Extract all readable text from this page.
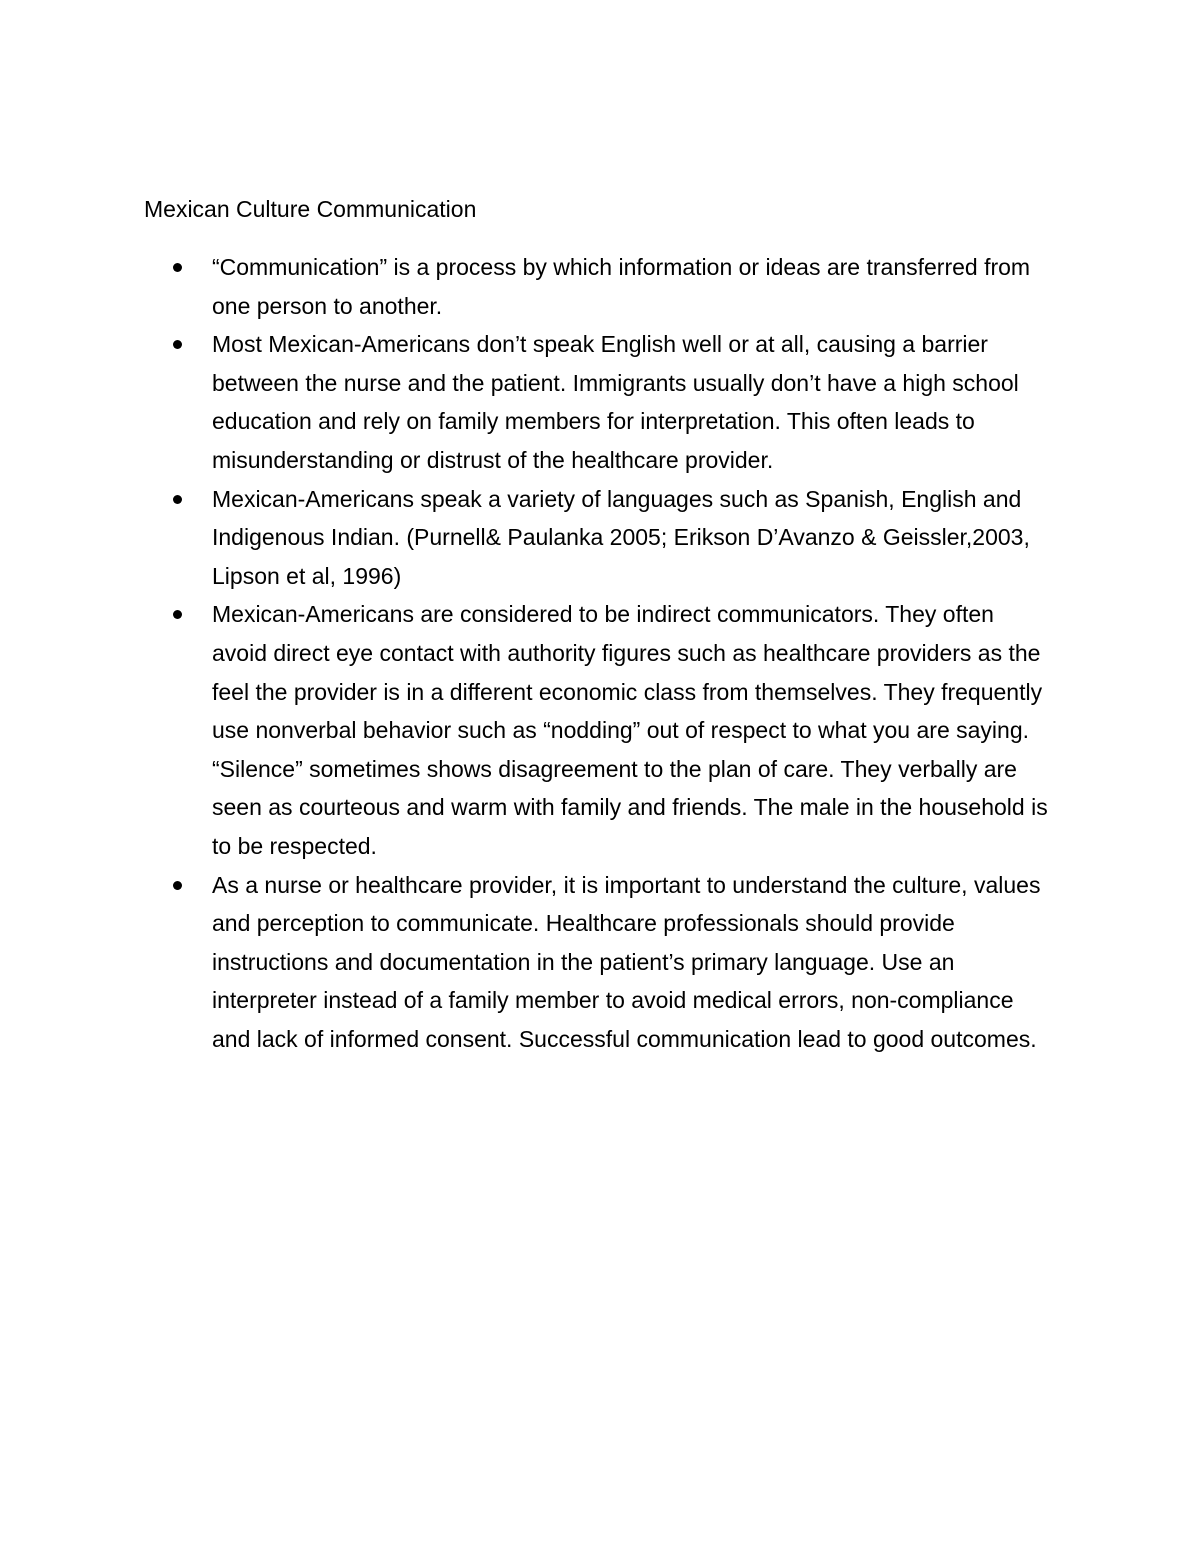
Mexican Culture Communication
“Communication” is a process by which information or ideas are transferred from one person to another.
Most Mexican-Americans don’t speak English well or at all, causing a barrier between the nurse and the patient. Immigrants usually don’t have a high school education and rely on family members for interpretation. This often leads to misunderstanding or distrust of the healthcare provider.
Mexican-Americans speak a variety of languages such as Spanish, English and Indigenous Indian. (Purnell& Paulanka 2005; Erikson D’Avanzo & Geissler,2003, Lipson et al, 1996)
Mexican-Americans are considered to be indirect communicators. They often avoid direct eye contact with authority figures such as healthcare providers as the feel the provider is in a different economic class from themselves. They frequently use nonverbal behavior such as “nodding” out of respect to what you are saying. “Silence” sometimes shows disagreement to the plan of care. They verbally are seen as courteous and warm with family and friends. The male in the household is to be respected.
As a nurse or healthcare provider, it is important to understand the culture, values and perception to communicate. Healthcare professionals should provide instructions and documentation in the patient’s primary language. Use an interpreter instead of a family member to avoid medical errors, non-compliance and lack of informed consent. Successful communication lead to good outcomes.
